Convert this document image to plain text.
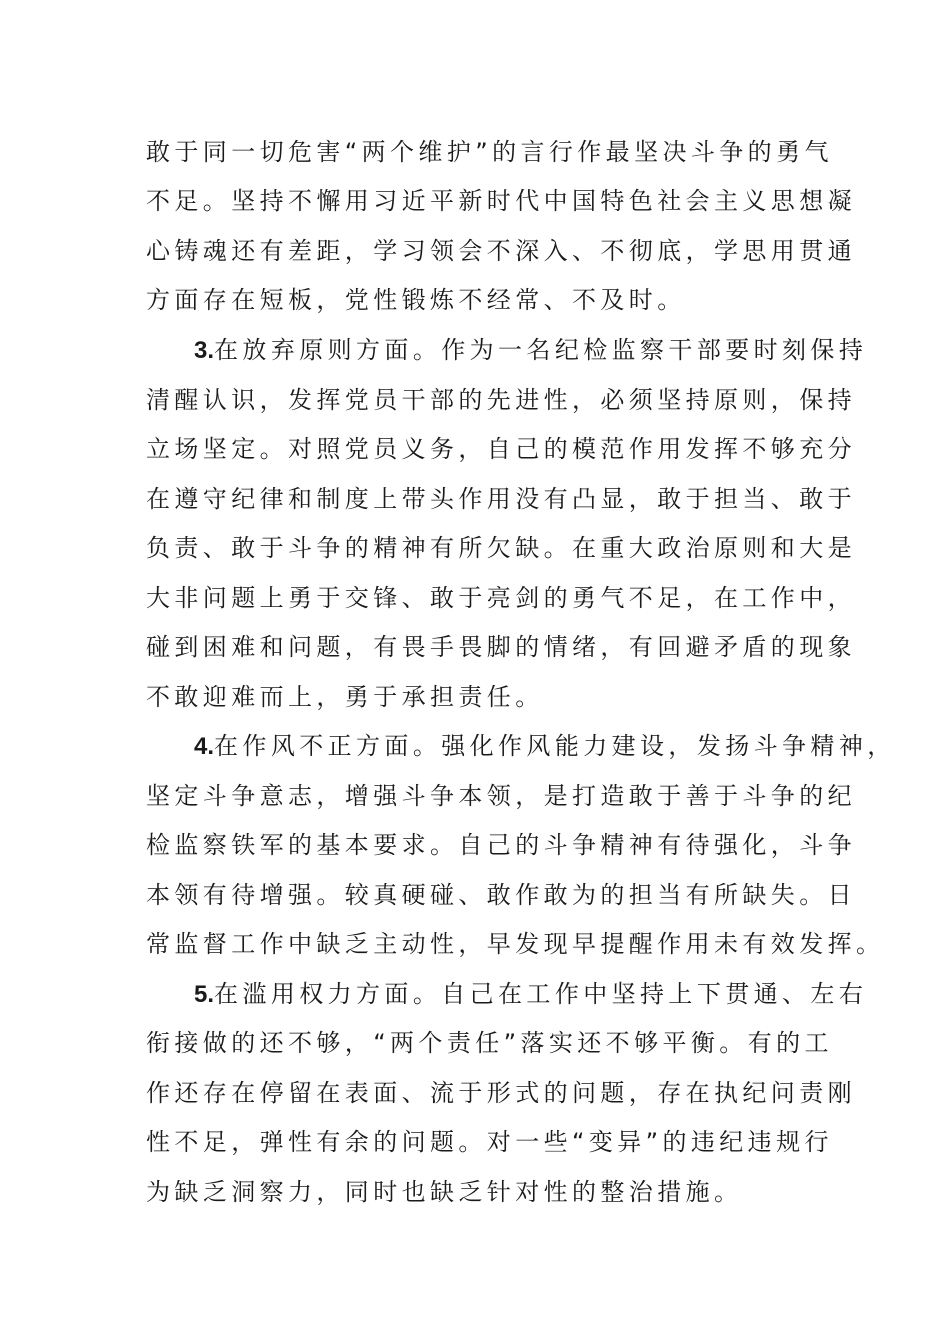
敢于同一切危害“两个维护”的言行作最坚决斗争的勇气
不足。坚持不懈用习近平新时代中国特色社会主义思想凝
心铸魂还有差距，学习领会不深入、不彻底，学思用贯通
方面存在短板，党性锻炼不经常、不及时。
3.在放弃原则方面。作为一名纪检监察干部要时刻保持
清醒认识，发挥党员干部的先进性，必须坚持原则，保持
立场坚定。对照党员义务，自己的模范作用发挥不够充分
在遵守纪律和制度上带头作用没有凸显，敢于担当、敢于
负责、敢于斗争的精神有所欠缺。在重大政治原则和大是
大非问题上勇于交锋、敢于亮剑的勇气不足，在工作中，
碰到困难和问题，有畏手畏脚的情绪，有回避矛盾的现象
不敢迎难而上，勇于承担责任。
4.在作风不正方面。强化作风能力建设，发扬斗争精神，
坚定斗争意志，增强斗争本领，是打造敢于善于斗争的纪
检监察铁军的基本要求。自己的斗争精神有待强化，斗争
本领有待增强。较真硬碰、敢作敢为的担当有所缺失。日
常监督工作中缺乏主动性，早发现早提醒作用未有效发挥。
5.在滥用权力方面。自己在工作中坚持上下贯通、左右
衔接做的还不够，“两个责任”落实还不够平衡。有的工
作还存在停留在表面、流于形式的问题，存在执纪问责刚
性不足，弹性有余的问题。对一些“变异”的违纪违规行
为缺乏洞察力，同时也缺乏针对性的整治措施。
